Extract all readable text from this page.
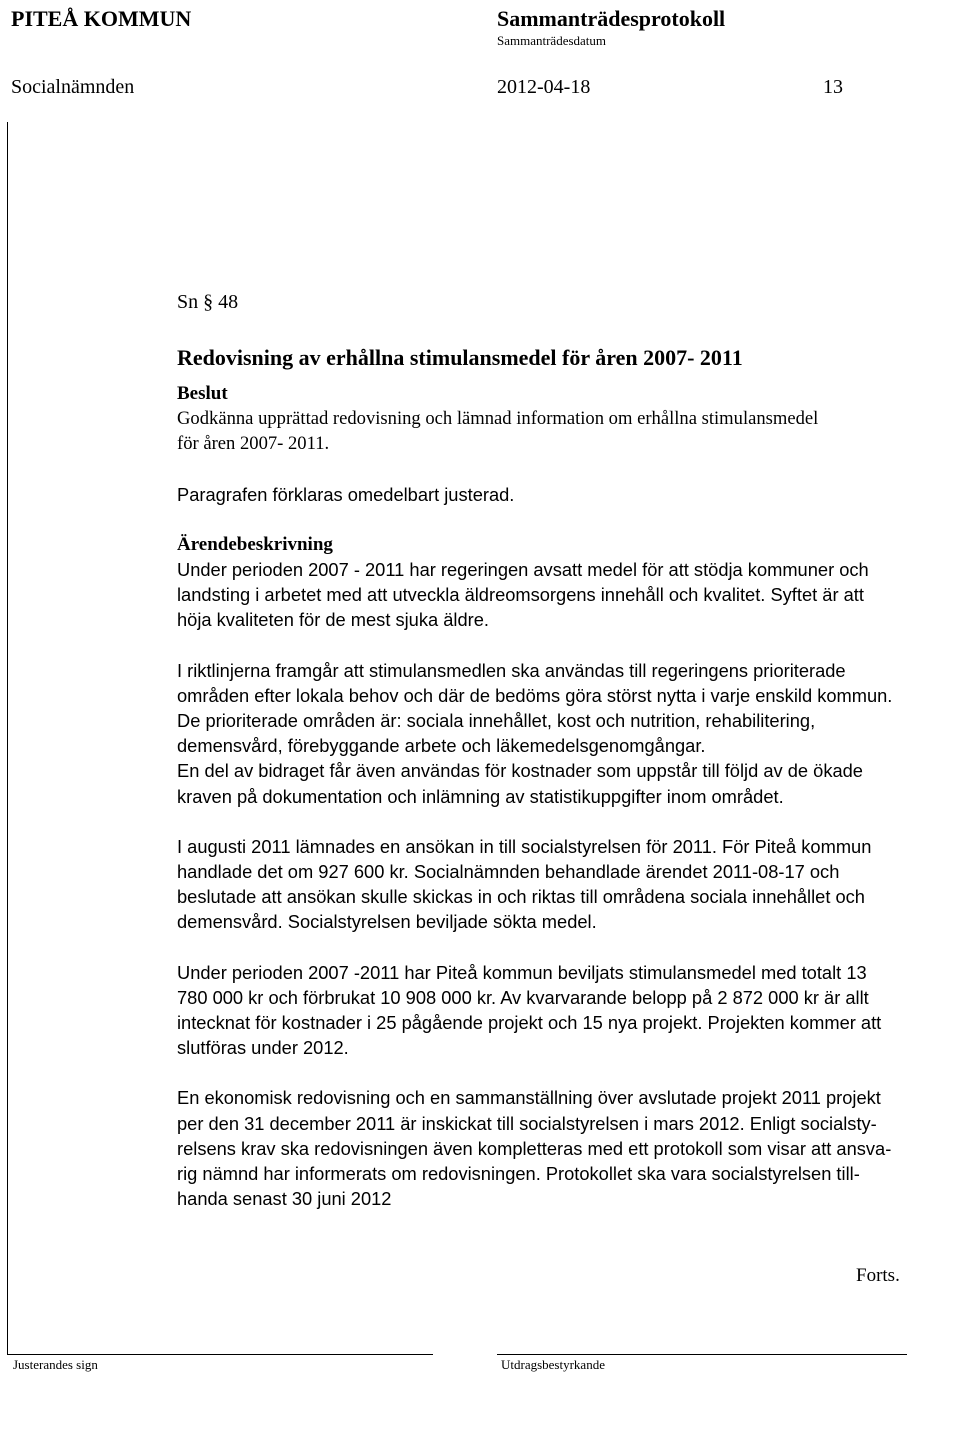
PITEÅ KOMMUN	Sammanträdesprotokoll
Sammanträdesdatum
Socialnämnden	2012-04-18	13

Sn § 48

Redovisning av erhållna stimulansmedel för åren 2007- 2011

Beslut

Godkänna upprättad redovisning och lämnad information om erhållna stimulansmedel

för åren 2007- 2011.

Paragrafen förklaras omedelbart justerad.

Ärendebeskrivning

Under perioden 2007 - 2011 har regeringen avsatt medel för att stödja kommuner och

landsting i arbetet med att utveckla äldreomsorgens innehåll och kvalitet. Syftet är att

höja kvaliteten för de mest sjuka äldre.

I riktlinjerna framgår att stimulansmedlen ska användas till regeringens prioriterade

områden efter lokala behov och där de bedöms göra störst nytta i varje enskild kommun.

De prioriterade områden är: sociala innehållet, kost och nutrition, rehabilitering,

demensvård, förebyggande arbete och läkemedelsgenomgångar.

En del av bidraget får även användas för kostnader som uppstår till följd av de ökade

kraven på dokumentation och inlämning av statistikuppgifter inom området.

I augusti 2011 lämnades en ansökan in till socialstyrelsen för 2011. För Piteå kommun

handlade det om 927 600 kr. Socialnämnden behandlade ärendet 2011-08-17 och

beslutade att ansökan skulle skickas in och riktas till områdena sociala innehållet och

demensvård. Socialstyrelsen beviljade sökta medel.

Under perioden 2007 -2011 har Piteå kommun beviljats stimulansmedel med totalt 13

780 000 kr och förbrukat 10 908 000 kr. Av kvarvarande belopp på 2 872 000 kr är allt

intecknat för kostnader i 25 pågående projekt och 15 nya projekt. Projekten kommer att

slutföras under 2012.

En ekonomisk redovisning och en sammanställning över avslutade projekt 2011 projekt

per den 31 december 2011 är inskickat till socialstyrelsen i mars 2012. Enligt socialsty-

relsens krav ska redovisningen även kompletteras med ett protokoll som visar att ansva-

rig nämnd har informerats om redovisningen. Protokollet ska vara socialstyrelsen till-

handa senast 30 juni 2012

Forts.
Justerandes sign	Utdragsbestyrkande
